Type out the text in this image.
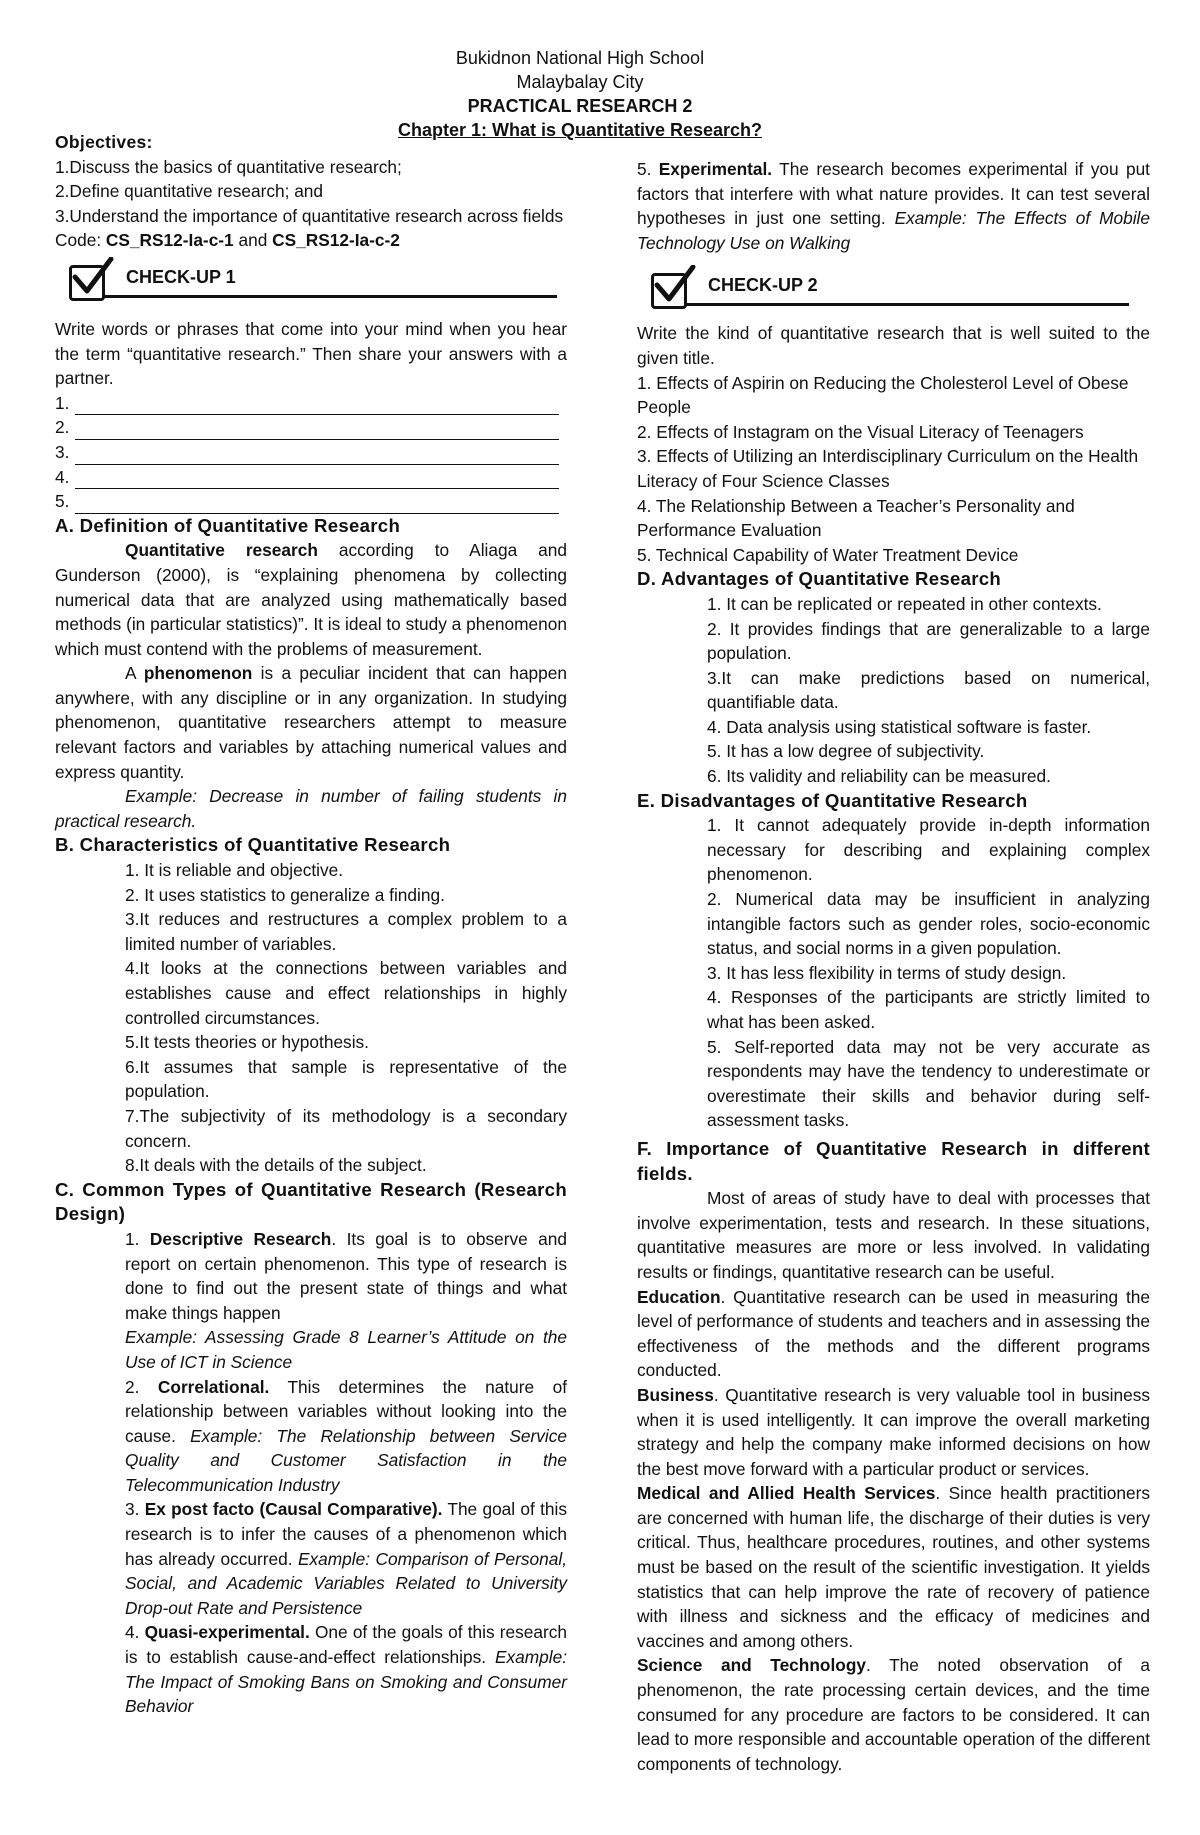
Bukidnon National High School
Malaybalay City
PRACTICAL RESEARCH 2
Chapter 1: What is Quantitative Research?

Objectives:

1.Discuss the basics of quantitative research;

2.Define quantitative research; and

3.Understand the importance of quantitative research across fields

Code: CS_RS12-Ia-c-1 and CS_RS12-Ia-c-2

CHECK-UP 1

Write words or phrases that come into your mind when you hear the term “quantitative research.” Then share your answers with a partner.

1.
2.
3.
4.
5.

A. Definition of Quantitative Research

Quantitative research according to Aliaga and Gunderson (2000), is “explaining phenomena by collecting numerical data that are analyzed using mathematically based methods (in particular statistics)”. It is ideal to study a phenomenon which must contend with the problems of measurement.

A phenomenon is a peculiar incident that can happen anywhere, with any discipline or in any organization. In studying phenomenon, quantitative researchers attempt to measure relevant factors and variables by attaching numerical values and express quantity.

Example: Decrease in number of failing students in practical research.

B. Characteristics of Quantitative Research

1. It is reliable and objective.

2. It uses statistics to generalize a finding.

3.It reduces and restructures a complex problem to a limited number of variables.

4.It looks at the connections between variables and establishes cause and effect relationships in highly controlled circumstances.

5.It tests theories or hypothesis.

6.It assumes that sample is representative of the population.

7.The subjectivity of its methodology is a secondary concern.

8.It deals with the details of the subject.

C. Common Types of Quantitative Research (Research Design)

1. Descriptive Research. Its goal is to observe and report on certain phenomenon. This type of research is done to find out the present state of things and what make things happen

Example: Assessing Grade 8 Learner’s Attitude on the Use of ICT in Science

2. Correlational. This determines the nature of relationship between variables without looking into the cause. Example: The Relationship between Service Quality and Customer Satisfaction in the Telecommunication Industry

3. Ex post facto (Causal Comparative). The goal of this research is to infer the causes of a phenomenon which has already occurred. Example: Comparison of Personal, Social, and Academic Variables Related to University Drop-out Rate and Persistence

4. Quasi-experimental. One of the goals of this research is to establish cause-and-effect relationships. Example: The Impact of Smoking Bans on Smoking and Consumer Behavior

5. Experimental. The research becomes experimental if you put factors that interfere with what nature provides. It can test several hypotheses in just one setting. Example: The Effects of Mobile Technology Use on Walking

CHECK-UP 2

Write the kind of quantitative research that is well suited to the given title.

1. Effects of Aspirin on Reducing the Cholesterol Level of Obese People

2. Effects of Instagram on the Visual Literacy of Teenagers

3. Effects of Utilizing an Interdisciplinary Curriculum on the Health Literacy of Four Science Classes

4. The Relationship Between a Teacher’s Personality and Performance Evaluation

5. Technical Capability of Water Treatment Device

D. Advantages of Quantitative Research

1. It can be replicated or repeated in other contexts.

2. It provides findings that are generalizable to a large population.

3.It can make predictions based on numerical, quantifiable data.

4. Data analysis using statistical software is faster.

5. It has a low degree of subjectivity.

6. Its validity and reliability can be measured.

E. Disadvantages of Quantitative Research

1. It cannot adequately provide in-depth information necessary for describing and explaining complex phenomenon.

2. Numerical data may be insufficient in analyzing intangible factors such as gender roles, socio-economic status, and social norms in a given population.

3. It has less flexibility in terms of study design.

4. Responses of the participants are strictly limited to what has been asked.

5. Self-reported data may not be very accurate as respondents may have the tendency to underestimate or overestimate their skills and behavior during self-assessment tasks.

F. Importance of Quantitative Research in different fields.

Most of areas of study have to deal with processes that involve experimentation, tests and research. In these situations, quantitative measures are more or less involved. In validating results or findings, quantitative research can be useful.

Education. Quantitative research can be used in measuring the level of performance of students and teachers and in assessing the effectiveness of the methods and the different programs conducted.

Business. Quantitative research is very valuable tool in business when it is used intelligently. It can improve the overall marketing strategy and help the company make informed decisions on how the best move forward with a particular product or services.

Medical and Allied Health Services. Since health practitioners are concerned with human life, the discharge of their duties is very critical. Thus, healthcare procedures, routines, and other systems must be based on the result of the scientific investigation. It yields statistics that can help improve the rate of recovery of patience with illness and sickness and the efficacy of medicines and vaccines and among others.

Science and Technology. The noted observation of a phenomenon, the rate processing certain devices, and the time consumed for any procedure are factors to be considered. It can lead to more responsible and accountable operation of the different components of technology.
